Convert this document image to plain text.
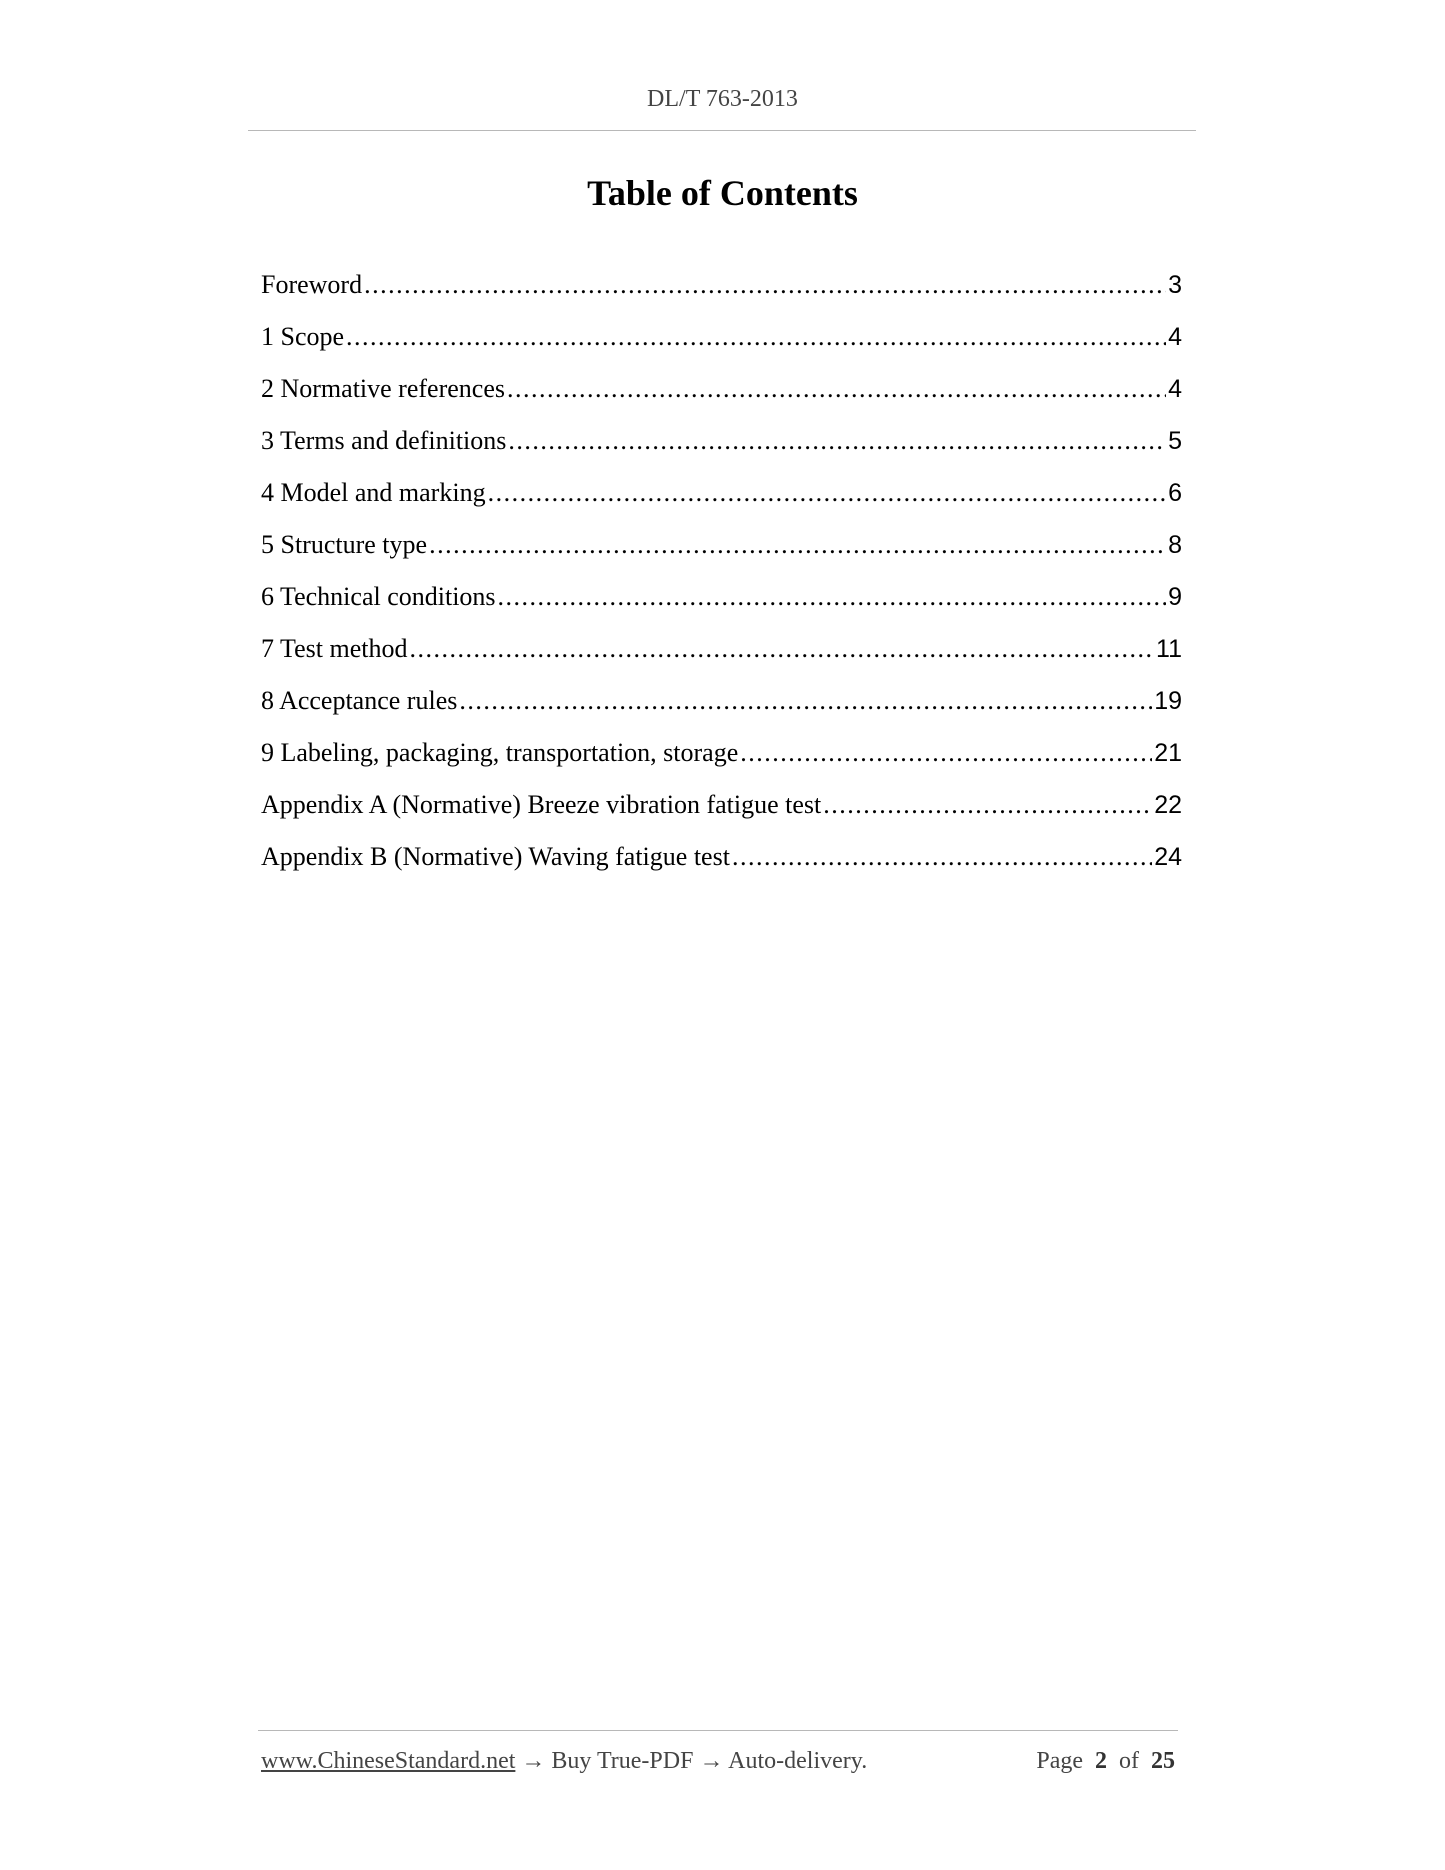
DL/T 763-2013
Table of Contents
Foreword .....	3
1 Scope .....	4
2 Normative references .....	4
3 Terms and definitions .....	5
4 Model and marking .....	6
5 Structure type .....	8
6 Technical conditions .....	9
7 Test method .....	11
8 Acceptance rules .....	19
9 Labeling, packaging, transportation, storage .....	21
Appendix A (Normative) Breeze vibration fatigue test .....	22
Appendix B (Normative) Waving fatigue test .....	24
www.ChineseStandard.net → Buy True-PDF → Auto-delivery.	Page 2 of 25
